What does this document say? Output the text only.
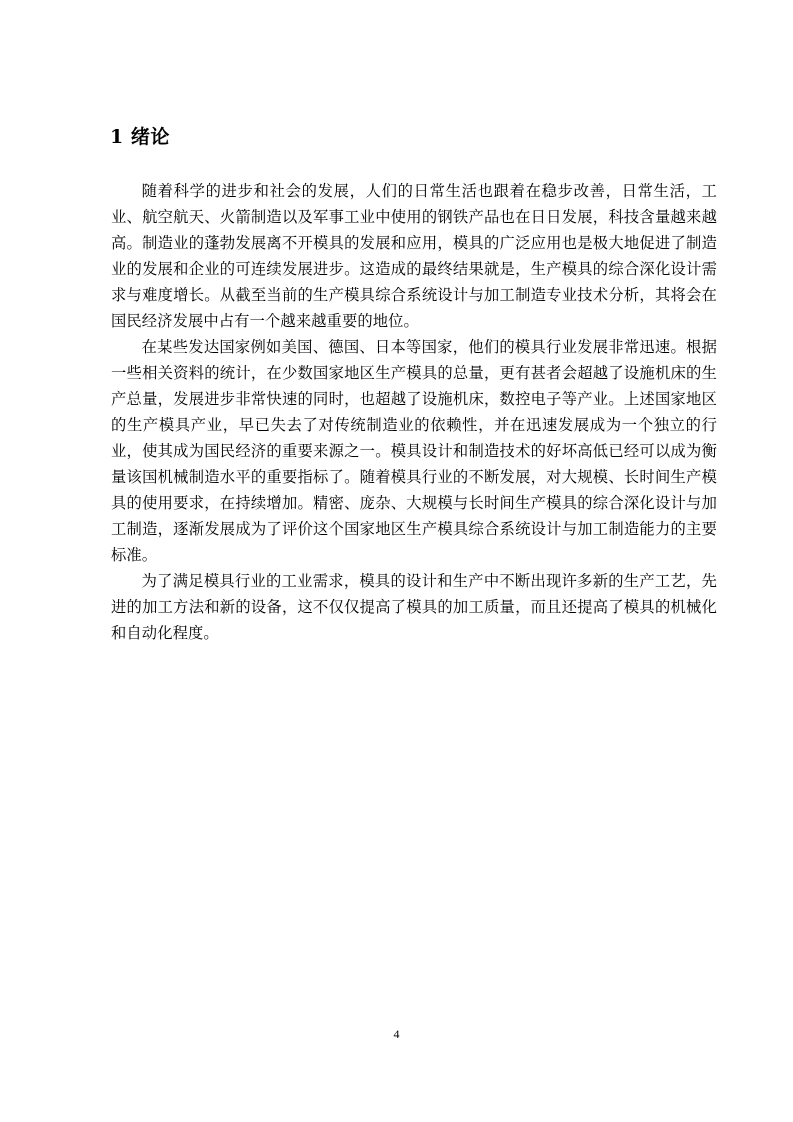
1 绪论

随着科学的进步和社会的发展，人们的日常生活也跟着在稳步改善，日常生活，工业、航空航天、火箭制造以及军事工业中使用的钢铁产品也在日日发展，科技含量越来越高。制造业的蓬勃发展离不开模具的发展和应用，模具的广泛应用也是极大地促进了制造业的发展和企业的可连续发展进步。这造成的最终结果就是，生产模具的综合深化设计需求与难度增长。从截至当前的生产模具综合系统设计与加工制造专业技术分析，其将会在国民经济发展中占有一个越来越重要的地位。

在某些发达国家例如美国、德国、日本等国家，他们的模具行业发展非常迅速。根据一些相关资料的统计，在少数国家地区生产模具的总量，更有甚者会超越了设施机床的生产总量，发展进步非常快速的同时，也超越了设施机床，数控电子等产业。上述国家地区的生产模具产业，早已失去了对传统制造业的依赖性，并在迅速发展成为一个独立的行业，使其成为国民经济的重要来源之一。模具设计和制造技术的好坏高低已经可以成为衡量该国机械制造水平的重要指标了。随着模具行业的不断发展，对大规模、长时间生产模具的使用要求，在持续增加。精密、庞杂、大规模与长时间生产模具的综合深化设计与加工制造，逐渐发展成为了评价这个国家地区生产模具综合系统设计与加工制造能力的主要标准。

为了满足模具行业的工业需求，模具的设计和生产中不断出现许多新的生产工艺，先进的加工方法和新的设备，这不仅仅提高了模具的加工质量，而且还提高了模具的机械化和自动化程度。

4
